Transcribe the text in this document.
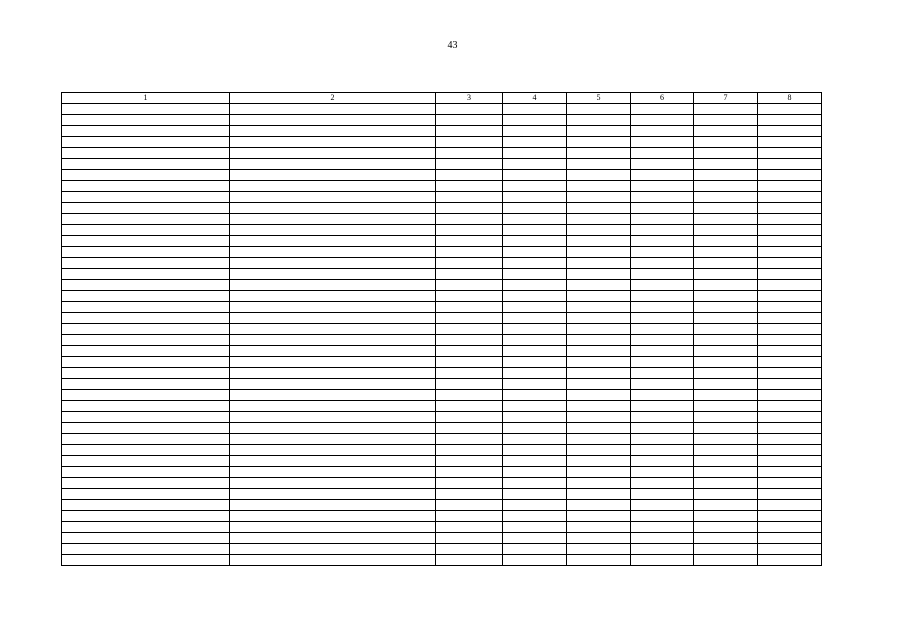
43
1	2	3	4	5	6	7	8
